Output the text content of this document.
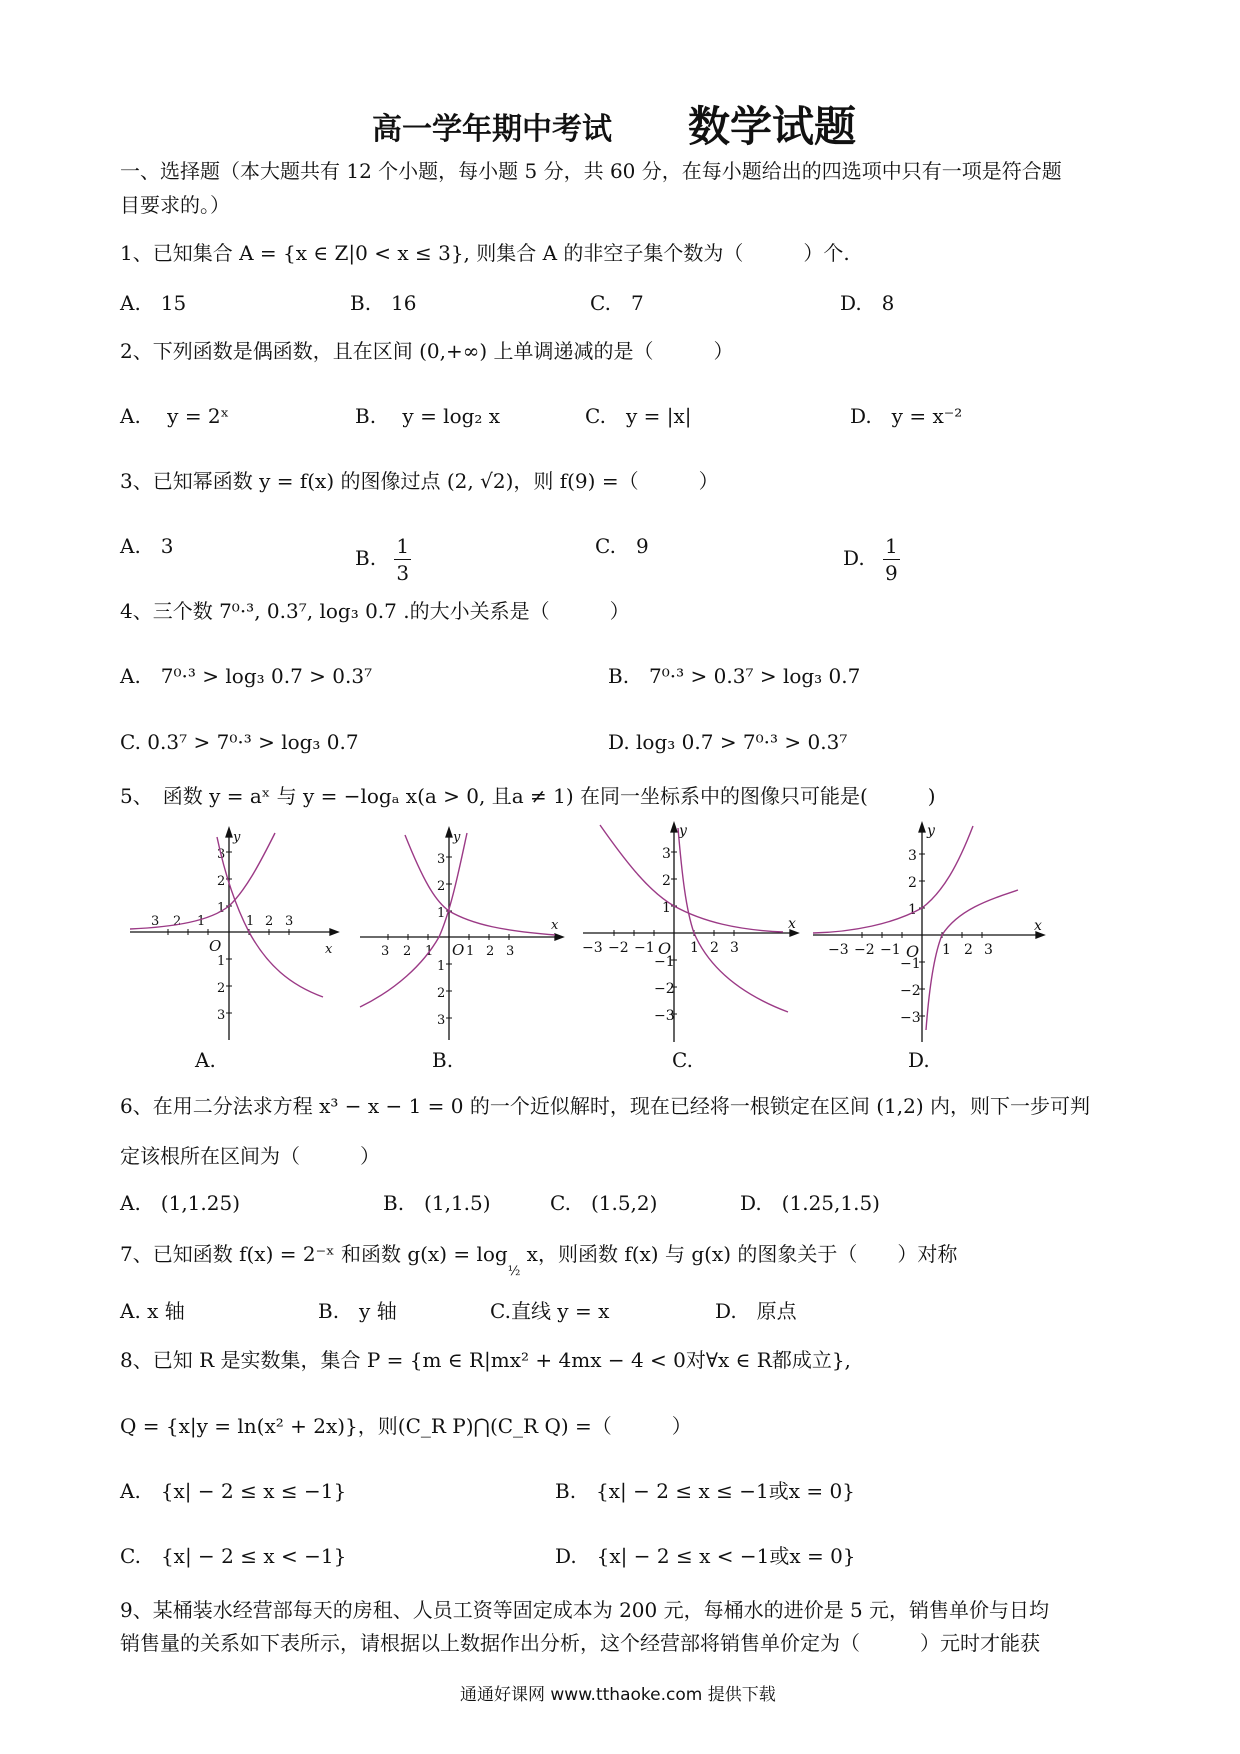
高一学年期中考试 数学试题
一、选择题（本大题共有 12 个小题，每小题 5 分，共 60 分，在每小题给出的四选项中只有一项是符合题
目要求的。）
1、已知集合 A = {x ∈ Z|0 < x ≤ 3}, 则集合 A 的非空子集个数为（　　　）个.
A.　15	B.　16	C.　7	D.　8
2、下列函数是偶函数，且在区间 (0,+∞) 上单调递减的是（　　　）
A.　 y = 2ˣ	B.　 y = log₂ x	C.　y = |x|	D.　y = x⁻²
3、已知幂函数 y = f(x) 的图像过点 (2, √2)，则 f(9) =（　　　）
A.　3	B. $\frac{1}{3}$	C.　9	D. $\frac{1}{9}$
4、三个数 7⁰·³, 0.3⁷, log₃ 0.7 .的大小关系是（　　　）
A.　7⁰·³ > log₃ 0.7 > 0.3⁷	B.　7⁰·³ > 0.3⁷ > log₃ 0.7
C. 0.3⁷ > 7⁰·³ > log₃ 0.7	D. log₃ 0.7 > 7⁰·³ > 0.3⁷
5、　函数 y = aˣ 与 y = −logₐ x(a > 0, 且a ≠ 1) 在同一坐标系中的图像只可能是(　　　)
3 2 1	1 2 3
3
2
1
1
2
3
O	x
y
3 2 1	1 2 3
3
2
1
1
2
3
O
x
y
−3 −2 −1	1 2 3
3
2
1
−1
−2
−3
O
x
y
−3 −2 −1	1 2 3
3
2
1
−1
−2
−3
O
x
y
A.	B.	C.	D.
6、在用二分法求方程 x³ − x − 1 = 0 的一个近似解时，现在已经将一根锁定在区间 (1,2) 内，则下一步可判
定该根所在区间为（　　　）
A.　(1,1.25)	B.　(1,1.5)	C.　(1.5,2)	D.　(1.25,1.5)
7、已知函数 f(x) = 2⁻ˣ 和函数 $g(x) = \log_{\frac{1}{2}} x$，则函数 f(x) 与 g(x) 的图象关于（　　）对称
A. x 轴	B.　y 轴	C.直线 y = x	D.　原点
8、已知 R 是实数集，集合 P = {m ∈ R|mx² + 4mx − 4 < 0对∀x ∈ R都成立},
Q = {x|y = ln(x² + 2x)}，则(C_R P)⋂(C_R Q) =（　　　）
A.　{x| − 2 ≤ x ≤ −1}	B.　{x| − 2 ≤ x ≤ −1或x = 0}
C.　{x| − 2 ≤ x < −1}	D.　{x| − 2 ≤ x < −1或x = 0}
9、某桶装水经营部每天的房租、人员工资等固定成本为 200 元，每桶水的进价是 5 元，销售单价与日均
销售量的关系如下表所示，请根据以上数据作出分析，这个经营部将销售单价定为（　　　）元时才能获
通通好课网 www.tthaoke.com 提供下载
